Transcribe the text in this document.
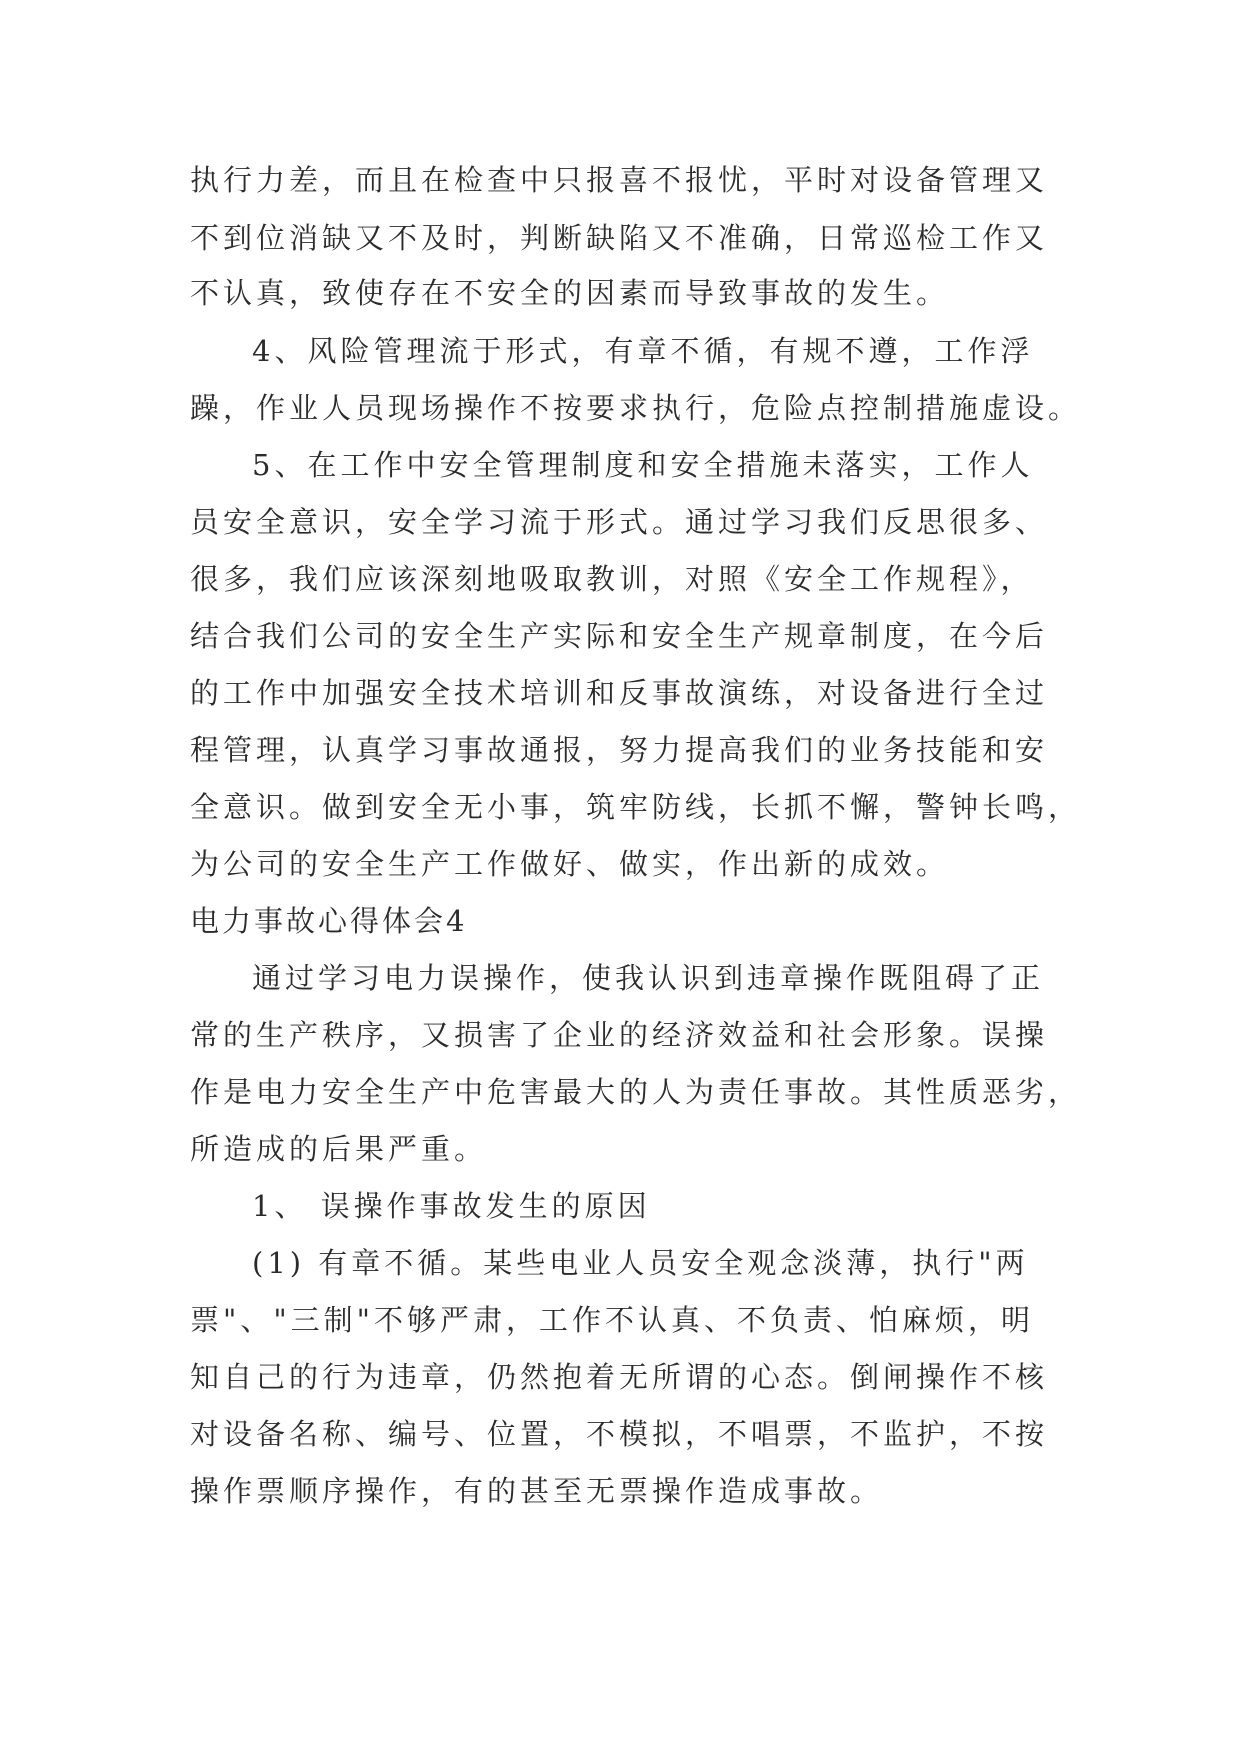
执行力差，而且在检查中只报喜不报忧，平时对设备管理又
不到位消缺又不及时，判断缺陷又不准确，日常巡检工作又
不认真，致使存在不安全的因素而导致事故的发生。
4、风险管理流于形式，有章不循，有规不遵，工作浮
躁，作业人员现场操作不按要求执行，危险点控制措施虚设。
5、在工作中安全管理制度和安全措施未落实，工作人
员安全意识，安全学习流于形式。通过学习我们反思很多、
很多，我们应该深刻地吸取教训，对照《安全工作规程》，
结合我们公司的安全生产实际和安全生产规章制度，在今后
的工作中加强安全技术培训和反事故演练，对设备进行全过
程管理，认真学习事故通报，努力提高我们的业务技能和安
全意识。做到安全无小事，筑牢防线，长抓不懈，警钟长鸣，
为公司的安全生产工作做好、做实，作出新的成效。
电力事故心得体会4
通过学习电力误操作，使我认识到违章操作既阻碍了正
常的生产秩序，又损害了企业的经济效益和社会形象。误操
作是电力安全生产中危害最大的人为责任事故。其性质恶劣，
所造成的后果严重。
1、 误操作事故发生的原因
(1) 有章不循。某些电业人员安全观念淡薄，执行"两
票"、"三制"不够严肃，工作不认真、不负责、怕麻烦，明
知自己的行为违章，仍然抱着无所谓的心态。倒闸操作不核
对设备名称、编号、位置，不模拟，不唱票，不监护，不按
操作票顺序操作，有的甚至无票操作造成事故。
